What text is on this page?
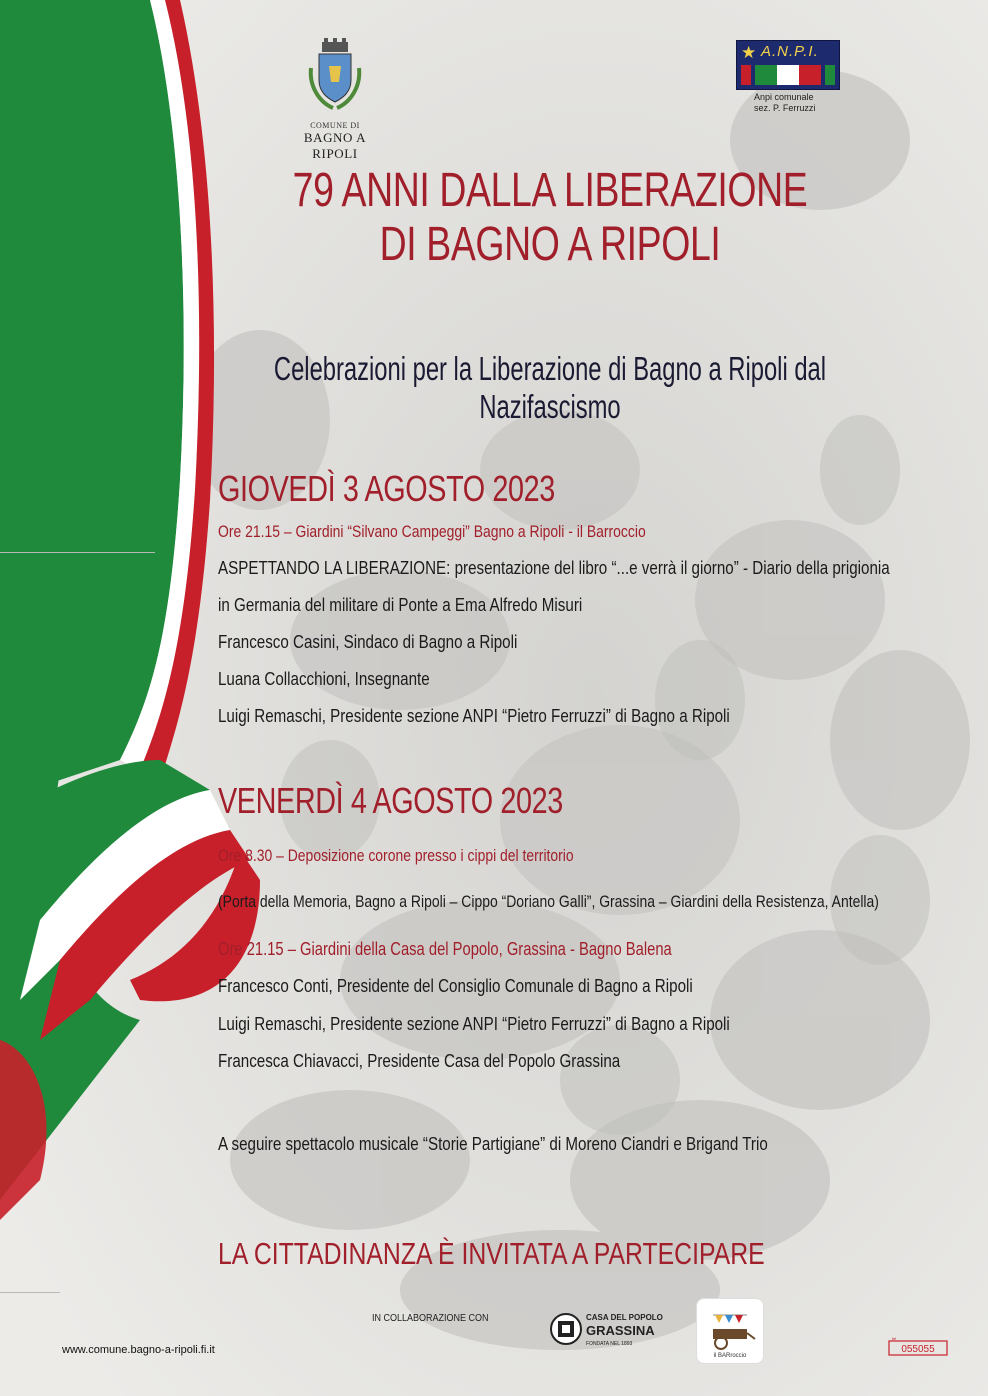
COMUNE DI
BAGNO A RIPOLI
★ A.N.P.I.
Anpi comunale
sez. P. Ferruzzi
79 ANNI DALLA LIBERAZIONE
DI BAGNO A RIPOLI
Celebrazioni per la Liberazione di Bagno a Ripoli dal Nazifascismo
GIOVEDÌ 3 AGOSTO 2023
Ore 21.15 – Giardini “Silvano Campeggi” Bagno a Ripoli - il Barroccio
ASPETTANDO LA LIBERAZIONE: presentazione del libro “...e verrà il giorno” - Diario della prigionia
in Germania del militare di Ponte a Ema Alfredo Misuri
Francesco Casini, Sindaco di Bagno a Ripoli
Luana Collacchioni, Insegnante
Luigi Remaschi, Presidente sezione ANPI “Pietro Ferruzzi” di Bagno a Ripoli
VENERDÌ 4 AGOSTO 2023
Ore 8.30 – Deposizione corone presso i cippi del territorio
(Porta della Memoria, Bagno a Ripoli – Cippo “Doriano Galli”, Grassina – Giardini della Resistenza, Antella)
Ore 21.15 – Giardini della Casa del Popolo, Grassina - Bagno Balena
Francesco Conti, Presidente del Consiglio Comunale di Bagno a Ripoli
Luigi Remaschi, Presidente sezione ANPI “Pietro Ferruzzi” di Bagno a Ripoli
Francesca Chiavacci, Presidente Casa del Popolo Grassina
A seguire spettacolo musicale “Storie Partigiane” di Moreno Ciandri e Brigand Trio
LA CITTADINANZA È INVITATA A PARTECIPARE
IN COLLABORAZIONE CON	CASA DEL POPOLO
GRASSINA
FONDATA NEL 1893
il BARroccio
www.comune.bagno-a-ripoli.fi.it
tel
055055
